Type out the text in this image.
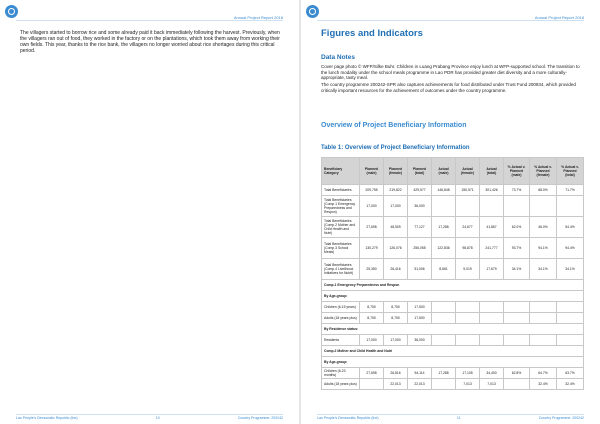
Annual Project Report 2018
The villagers started to borrow rice and some already paid it back immediately following the harvest. Previously, when the villagers ran out of food, they worked in the factory or on the plantations, which took them away from working their own fields. This year, thanks to the rice bank, the villagers no longer worried about rice shortages during this critical period.
Lao People's Democratic Republic (the)	10	Country Programme: 200242
Annual Project Report 2018
Figures and Indicators
Data Notes
Cover page photo © WFP/Silke Buhr. Children in Luang Prabang Province enjoy lunch at WFP-supported school. The transition to the lunch modality under the school meals programme in Lao PDR has provided greater diet diversity and a more culturally-appropriate, tasty meal.
The country programme 200242-SPR also captures achievements for food distributed under Trust Fund 200934, which provided critically important resources for the achievement of outcomes under the country programme.
Overview of Project Beneficiary Information
Table 1: Overview of Project Beneficiary Information
Beneficiary Category	Planned (male)	Planned (female)	Planned (total)	Actual (male)	Actual (female)	Actual (total)	% Actual v. Planned (male)	% Actual v. Planned (female)	% Actual v. Planned (total)
Total Beneficiaries	209,755	219,822	429,577	146,848	150,571	301,426	73.7%	68.0%	71.7%
Total Beneficiaries (Comp.1 Emergency Preparedness and Respon)	17,000	17,000	36,000						
Total Beneficiaries (Comp.2 Mother and Child Health and Nutri)	27,698	48,509	77,127	17,288	24,677	41,867	62.0%	46.0%	54.4%
Total Beneficiaries (Comp.3 School Meals)	130,279	126,076	256,055	122,836	98,878	241,777	93.7%	94.1%	94.4%
Total Beneficiaries (Comp.4 Livelihood Initiatives for Nutrit)	25,350	26,416	51,006	8,661	9,019	17,679	34.1%	34.1%	34.1%
Comp.1 Emergency Preparedness and Respon									
By Age-group:									
Children (6-15 years)	8,750	8,750	17,500						
Adults (18 years plus)	8,750	8,750	17,500						
By Residence status:									
Residents	17,000	17,000	36,000						
Comp.2 Mother and Child Health and Nutri									
By Age-group:									
Children (6-23 months)	27,698	26,816	54,114	17,288	17,105	34,400	62.8%	64.7%	63.7%
Adults (18 years plus)		22,013	22,013		7,013	7,013		32.4%	32.4%
Lao People's Democratic Republic (the)	11	Country Programme: 200242
